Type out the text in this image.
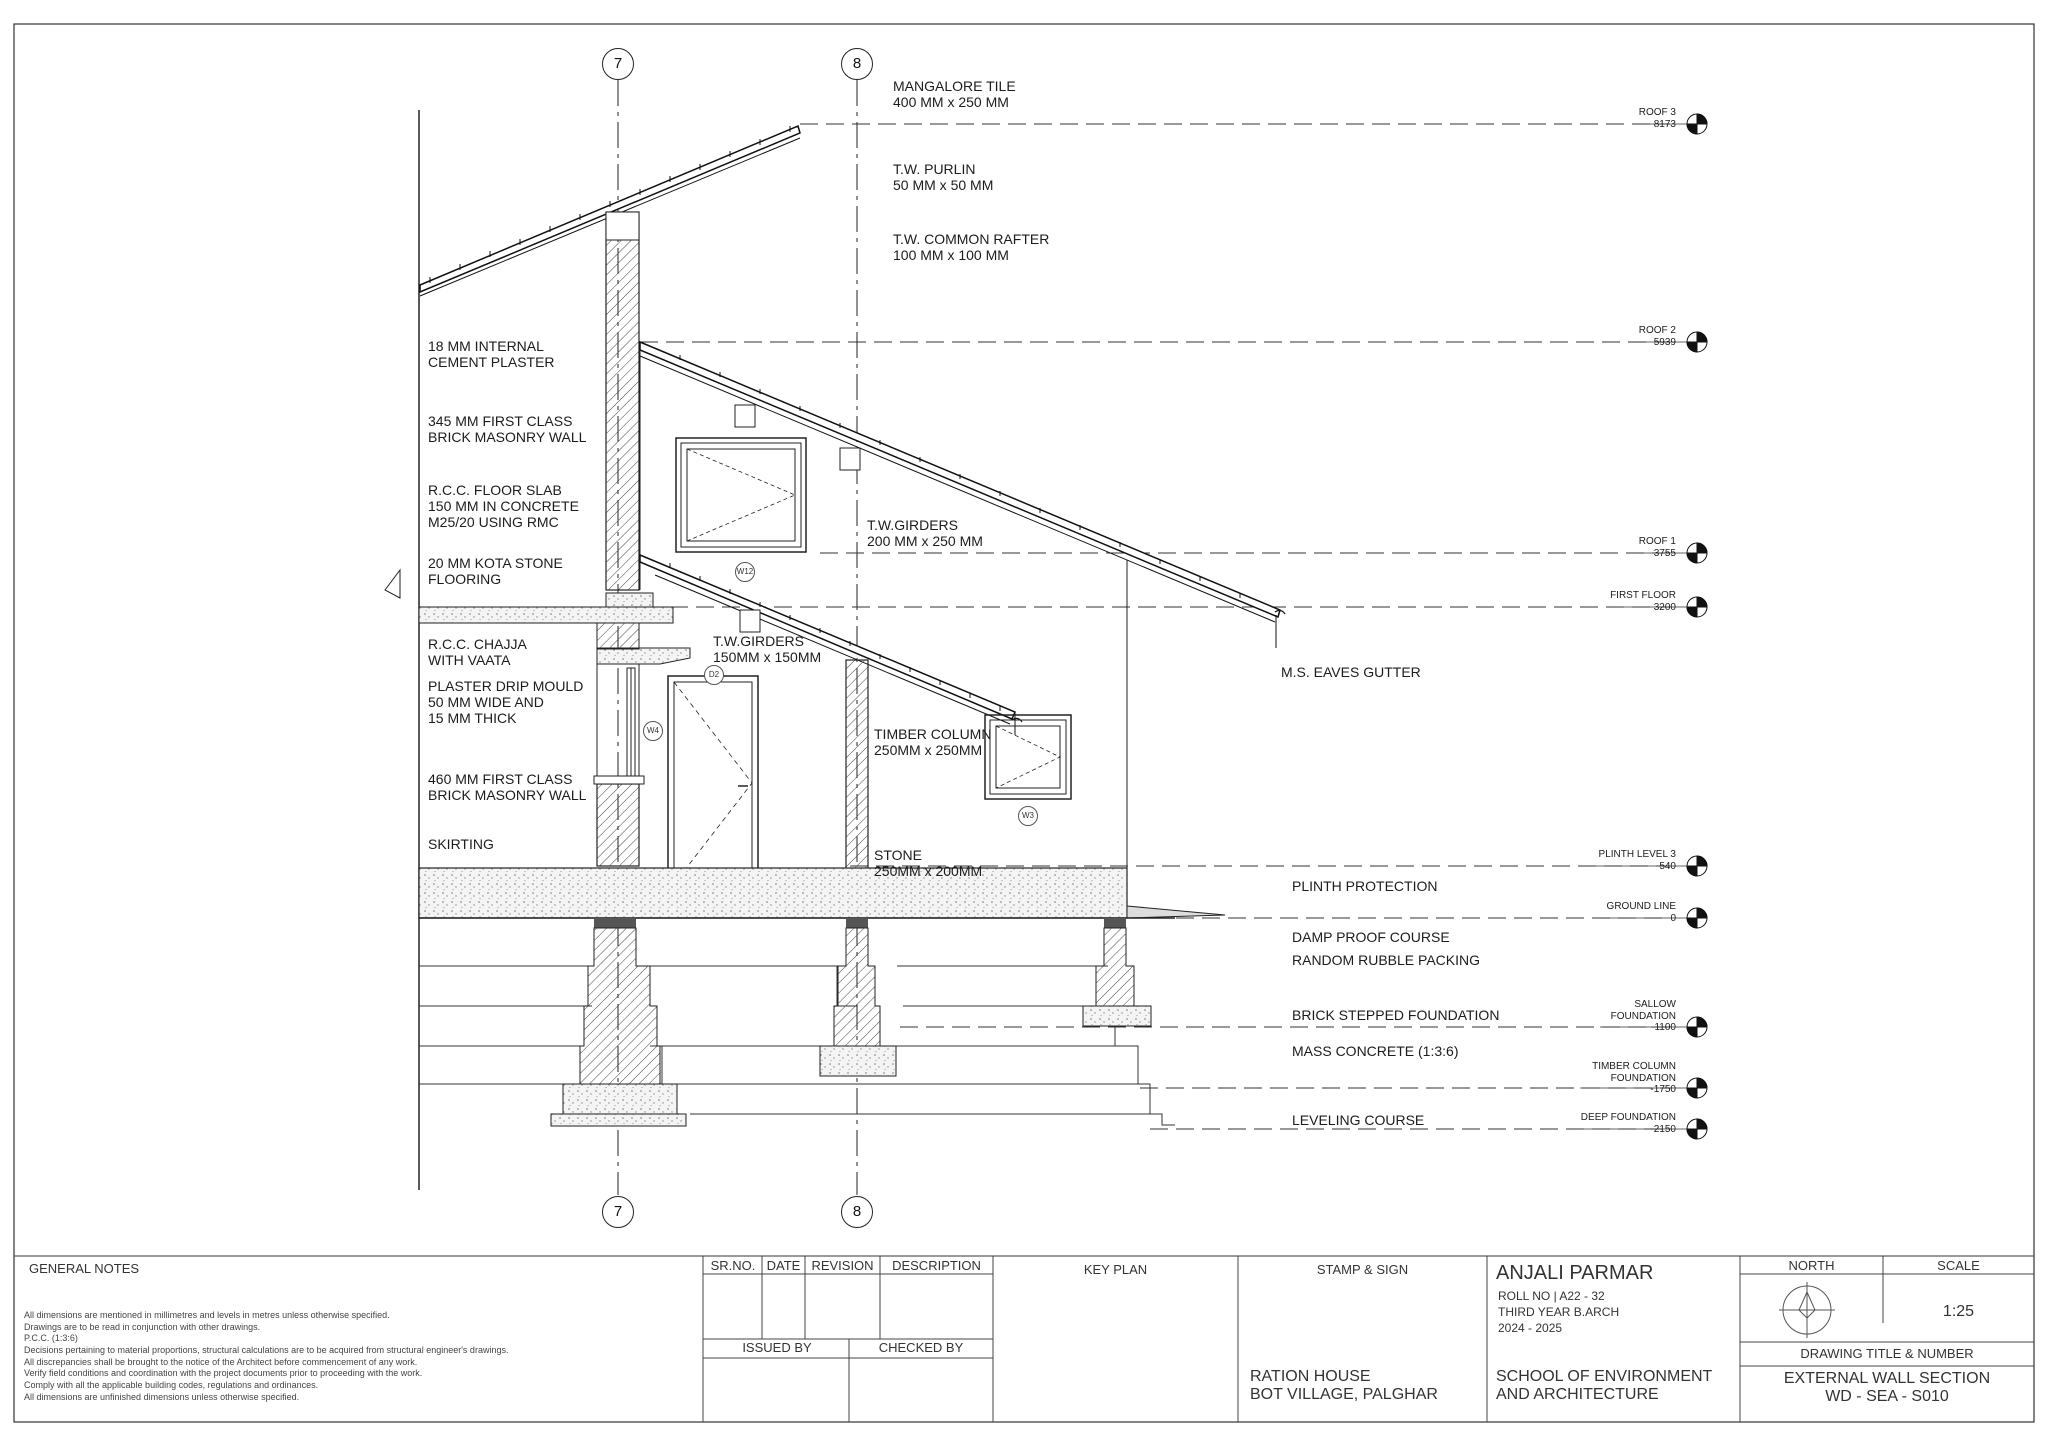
7	8
7	8
W12
D2
W4
W3
ROOF 3
8173
ROOF 2
5939
ROOF 1
3755
FIRST FLOOR
3200
PLINTH LEVEL 3
540
GROUND LINE
0
SALLOW
FOUNDATION
-1100
TIMBER COLUMN
FOUNDATION
-1750
DEEP FOUNDATION
-2150
18 MM INTERNAL
CEMENT PLASTER
345 MM FIRST CLASS
BRICK MASONRY WALL
R.C.C. FLOOR SLAB
150 MM IN CONCRETE
M25/20 USING RMC
20 MM KOTA STONE
FLOORING
R.C.C. CHAJJA
WITH VAATA
PLASTER DRIP MOULD
50 MM WIDE AND
15 MM THICK
460 MM FIRST CLASS
BRICK MASONRY WALL
SKIRTING
MANGALORE TILE
400 MM x 250 MM
T.W. PURLIN
50 MM x 50 MM
T.W. COMMON RAFTER
100 MM x 100 MM
T.W.GIRDERS
200 MM x 250 MM
T.W.GIRDERS
150MM x 150MM
TIMBER COLUMN
250MM x 250MM
STONE
250MM x 200MM
M.S. EAVES GUTTER
PLINTH PROTECTION
DAMP PROOF COURSE
RANDOM RUBBLE PACKING
BRICK STEPPED FOUNDATION
MASS CONCRETE (1:3:6)
LEVELING COURSE
GENERAL NOTES
All dimensions are mentioned in millimetres and levels in metres unless otherwise specified.
Drawings are to be read in conjunction with other drawings.
P.C.C. (1:3:6)
Decisions pertaining to material proportions, structural calculations are to be acquired from structural engineer's drawings.
All discrepancies shall be brought to the notice of the Architect before commencement of any work.
Verify field conditions and coordination with the project documents prior to proceeding with the work.
Comply with all the applicable building codes, regulations and ordinances.
All dimensions are unfinished dimensions unless otherwise specified.
SR.NO. DATE REVISION	DESCRIPTION
ISSUED BY	CHECKED BY
KEY PLAN	STAMP & SIGN
RATION HOUSE
BOT VILLAGE, PALGHAR
ANJALI PARMAR
ROLL NO | A22 - 32
THIRD YEAR B.ARCH
2024 - 2025
SCHOOL OF ENVIRONMENT
AND ARCHITECTURE
NORTH	SCALE
1:25
DRAWING TITLE & NUMBER
EXTERNAL WALL SECTION
WD - SEA - S010
